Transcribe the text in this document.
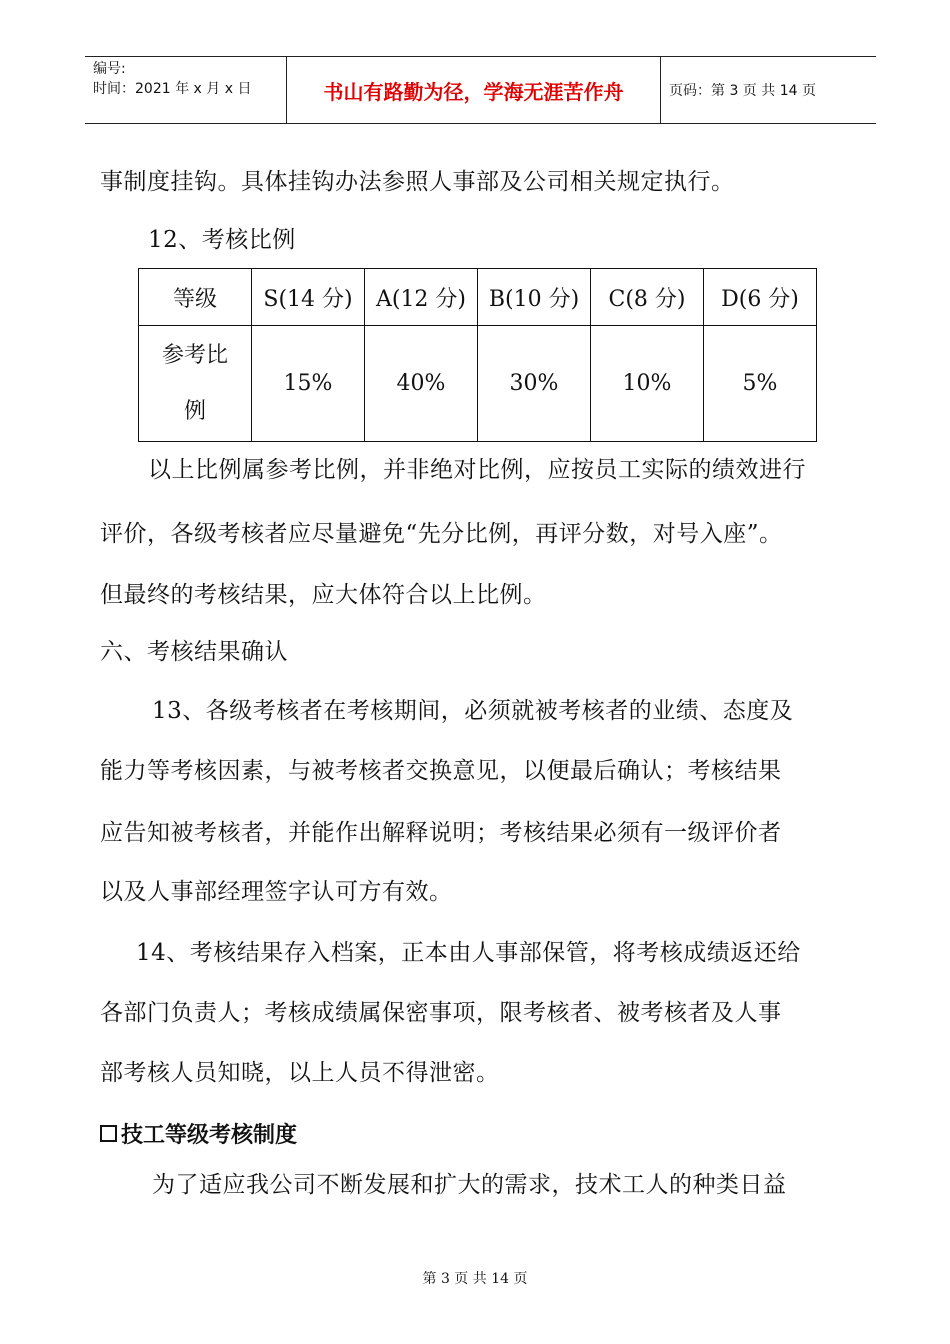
编号:
时间：2021 年 x 月 x 日	书山有路勤为径，学海无涯苦作舟	页码：第 3 页 共 14 页
事制度挂钩。具体挂钩办法参照人事部及公司相关规定执行。
12、考核比例
等级	S(14 分)	A(12 分)	B(10 分)	C(8 分)	D(6 分)

参考比
例	15%	40%	30%	10%	5%
以上比例属参考比例，并非绝对比例，应按员工实际的绩效进行
评价，各级考核者应尽量避免“先分比例，再评分数，对号入座”。
但最终的考核结果，应大体符合以上比例。
六、考核结果确认
13、各级考核者在考核期间，必须就被考核者的业绩、态度及
能力等考核因素，与被考核者交换意见，以便最后确认；考核结果
应告知被考核者，并能作出解释说明；考核结果必须有一级评价者
以及人事部经理签字认可方有效。
14、考核结果存入档案，正本由人事部保管，将考核成绩返还给
各部门负责人；考核成绩属保密事项，限考核者、被考核者及人事
部考核人员知晓，以上人员不得泄密。
技工等级考核制度
为了适应我公司不断发展和扩大的需求，技术工人的种类日益
第 3 页 共 14 页
